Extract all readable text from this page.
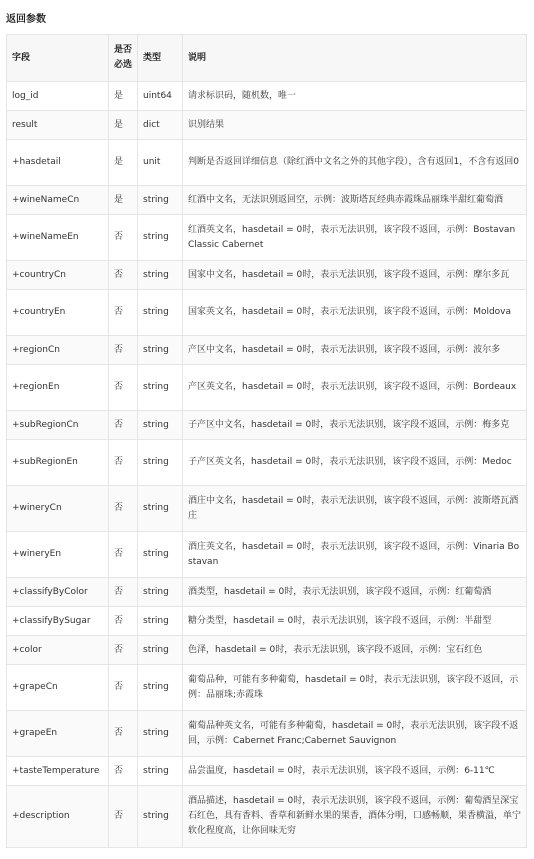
返回参数
字段	是否必选	类型	说明
log_id	是	uint64	请求标识码，随机数，唯一
result	是	dict	识别结果
+hasdetail	是	unit	判断是否返回详细信息（除红酒中文名之外的其他字段），含有返回1，不含有返回0
+wineNameCn	是	string	红酒中文名，无法识别返回空，示例：波斯塔瓦经典赤霞珠品丽珠半甜红葡萄酒
+wineNameEn	否	string	红酒英文名，hasdetail = 0时，表示无法识别，该字段不返回，示例：Bostavan Classic Cabernet
+countryCn	否	string	国家中文名，hasdetail = 0时，表示无法识别，该字段不返回，示例：摩尔多瓦
+countryEn	否	string	国家英文名，hasdetail = 0时，表示无法识别，该字段不返回，示例：Moldova
+regionCn	否	string	产区中文名，hasdetail = 0时，表示无法识别，该字段不返回，示例：波尔多
+regionEn	否	string	产区英文名，hasdetail = 0时，表示无法识别，该字段不返回，示例：Bordeaux
+subRegionCn	否	string	子产区中文名，hasdetail = 0时，表示无法识别，该字段不返回，示例：梅多克
+subRegionEn	否	string	子产区英文名，hasdetail = 0时，表示无法识别，该字段不返回，示例：Medoc
+wineryCn	否	string	酒庄中文名，hasdetail = 0时，表示无法识别，该字段不返回，示例：波斯塔瓦酒庄
+wineryEn	否	string	酒庄英文名，hasdetail = 0时，表示无法识别，该字段不返回，示例：Vinaria Bostavan
+classifyByColor	否	string	酒类型，hasdetail = 0时，表示无法识别，该字段不返回，示例：红葡萄酒
+classifyBySugar	否	string	糖分类型，hasdetail = 0时，表示无法识别，该字段不返回，示例：半甜型
+color	否	string	色泽，hasdetail = 0时，表示无法识别，该字段不返回，示例：宝石红色
+grapeCn	否	string	葡萄品种，可能有多种葡萄，hasdetail = 0时，表示无法识别，该字段不返回，示例：品丽珠;赤霞珠
+grapeEn	否	string	葡萄品种英文名，可能有多种葡萄，hasdetail = 0时，表示无法识别，该字段不返回，示例：Cabernet Franc;Cabernet Sauvignon
+tasteTemperature	否	string	品尝温度，hasdetail = 0时，表示无法识别，该字段不返回，示例：6-11℃
+description	否	string	酒品描述，hasdetail = 0时，表示无法识别，该字段不返回，示例：葡萄酒呈深宝石红色，具有香料、香草和新鲜水果的果香，酒体分明，口感畅顺，果香横溢，单宁软化程度高，让你回味无穷
